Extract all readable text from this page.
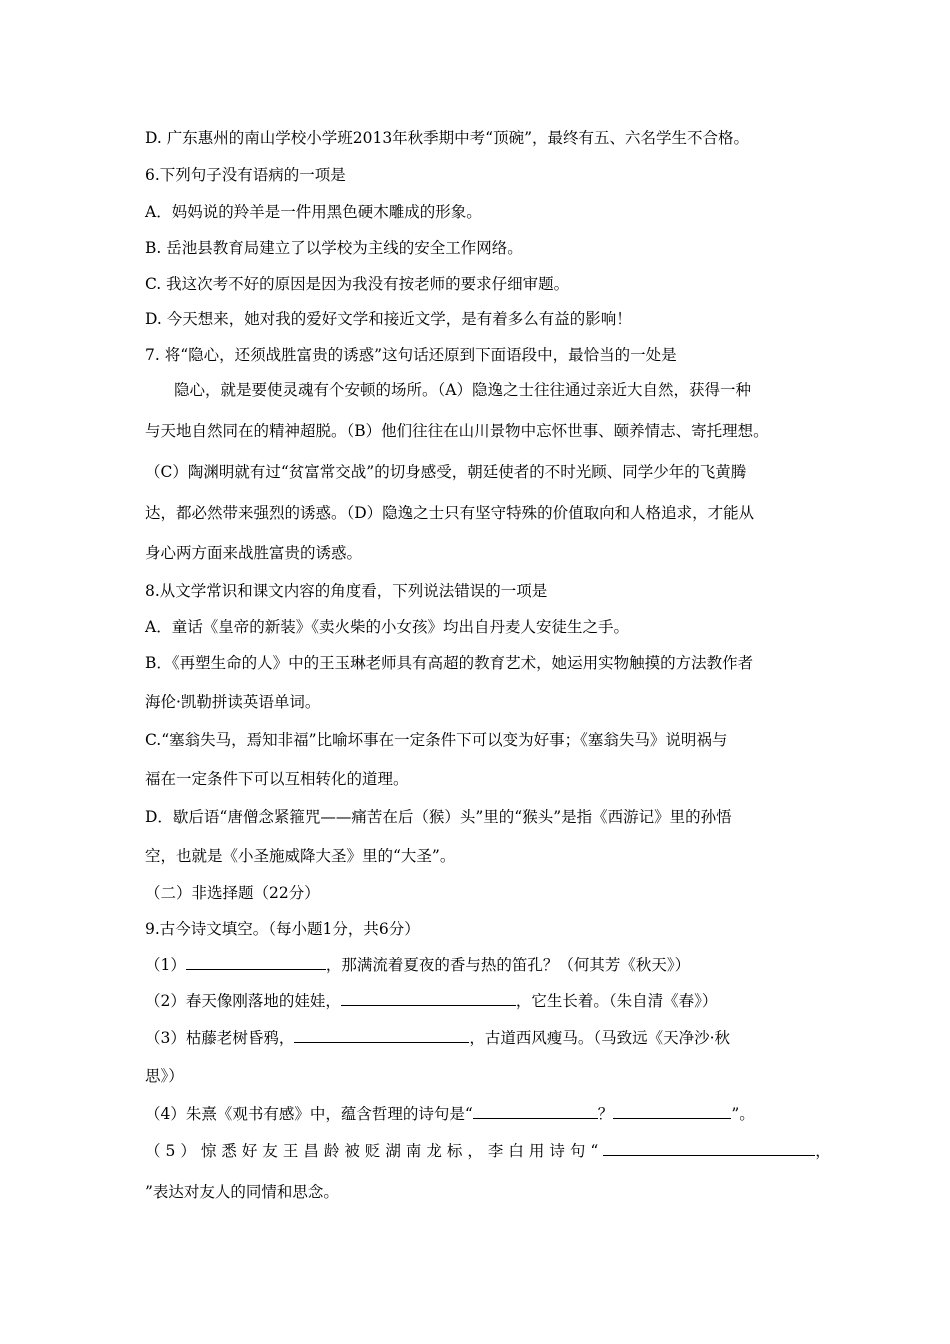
D. 广东惠州的南山学校小学班2013年秋季期中考“顶碗”，最终有五、六名学生不合格。
6.下列句子没有语病的一项是
A．妈妈说的羚羊是一件用黑色硬木雕成的形象。
B. 岳池县教育局建立了以学校为主线的安全工作网络。
C. 我这次考不好的原因是因为我没有按老师的要求仔细审题。
D. 今天想来，她对我的爱好文学和接近文学，是有着多么有益的影响！
7. 将“隐心，还须战胜富贵的诱惑”这句话还原到下面语段中，最恰当的一处是
隐心，就是要使灵魂有个安顿的场所。（A）隐逸之士往往通过亲近大自然，获得一种
与天地自然同在的精神超脱。（B）他们往往在山川景物中忘怀世事、颐养情志、寄托理想。
（C）陶渊明就有过“贫富常交战”的切身感受，朝廷使者的不时光顾、同学少年的飞黄腾
达，都必然带来强烈的诱惑。（D）隐逸之士只有坚守特殊的价值取向和人格追求，才能从
身心两方面来战胜富贵的诱惑。
8.从文学常识和课文内容的角度看，下列说法错误的一项是
A．童话《皇帝的新装》《卖火柴的小女孩》均出自丹麦人安徒生之手。
B．《再塑生命的人》中的王玉琳老师具有高超的教育艺术，她运用实物触摸的方法教作者
海伦·凯勒拼读英语单词。
C.“塞翁失马，焉知非福”比喻坏事在一定条件下可以变为好事；《塞翁失马》说明祸与
福在一定条件下可以互相转化的道理。
D．歇后语“唐僧念紧箍咒——痛苦在后（猴）头”里的“猴头”是指《西游记》里的孙悟
空，也就是《小圣施威降大圣》里的“大圣”。
（二）非选择题（22分）
9.古今诗文填空。（每小题1分，共6分）
（1）	，那满流着夏夜的香与热的笛孔？（何其芳《秋天》）
（2）春天像刚落地的娃娃，	，它生长着。（朱自清《春》）
（3）枯藤老树昏鸦，	，古道西风瘦马。（马致远《天净沙·秋
思》）
（4）朱熹《观书有感》中，蕴含哲理的诗句是“	？	”。
（5）惊悉好友王昌龄被贬湖南龙标，李白用诗句“	，
”表达对友人的同情和思念。
